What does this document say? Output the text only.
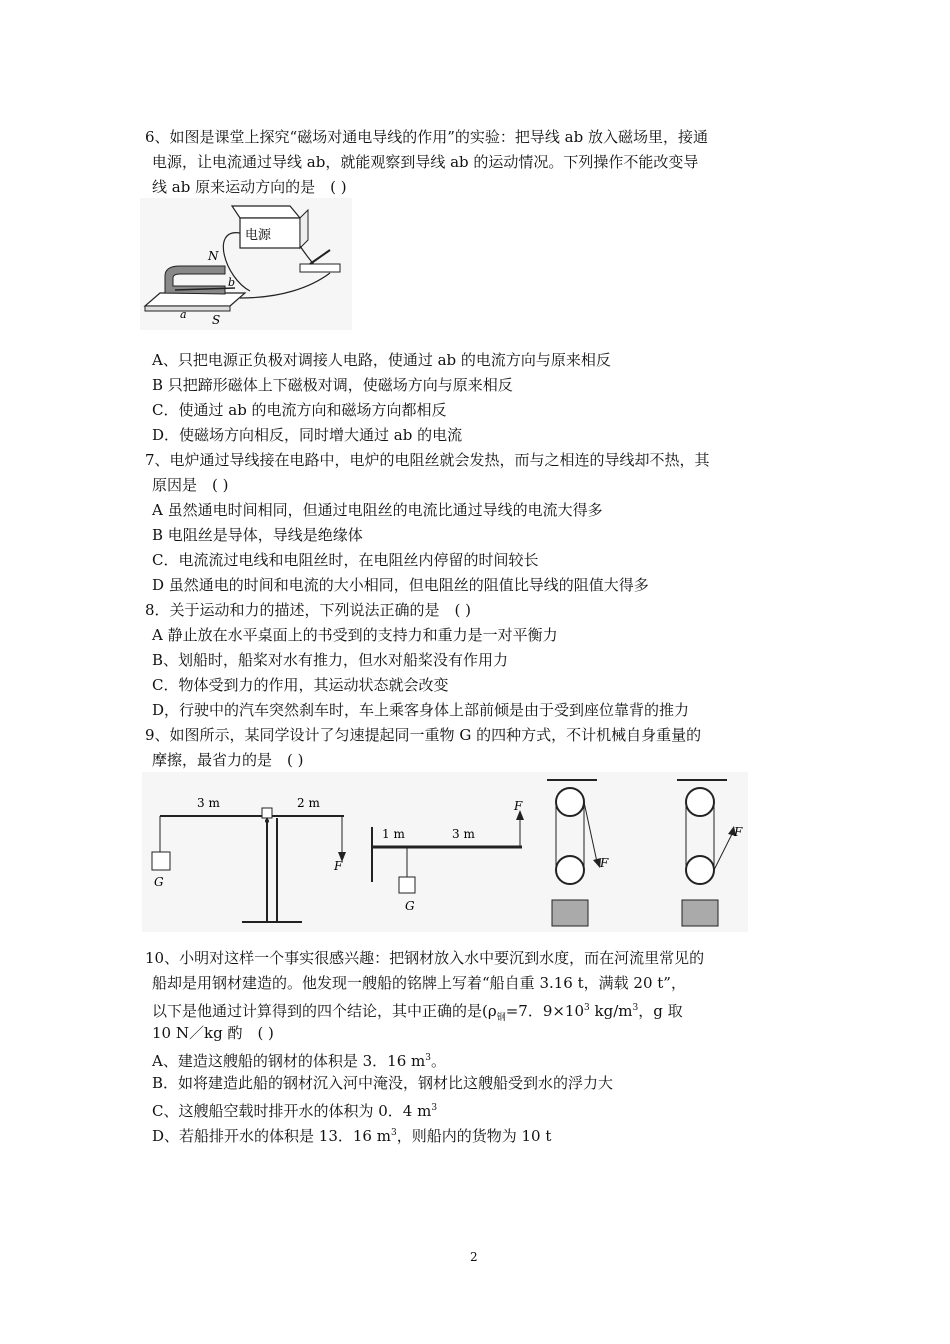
6、如图是课堂上探究“磁场对通电导线的作用”的实验：把导线 ab 放入磁场里，接通
电源，让电流通过导线 ab，就能观察到导线 ab 的运动情况。下列操作不能改变导
线 ab 原来运动方向的是　( )
电源
N
b
a S
A、只把电源正负极对调接人电路，使通过 ab 的电流方向与原来相反
B 只把蹄形磁体上下磁极对调，使磁场方向与原来相反
C．使通过 ab 的电流方向和磁场方向都相反
D．使磁场方向相反，同时增大通过 ab 的电流
7、电炉通过导线接在电路中，电炉的电阻丝就会发热，而与之相连的导线却不热，其
原因是　( )
A 虽然通电时间相同，但通过电阻丝的电流比通过导线的电流大得多
B 电阻丝是导体，导线是绝缘体
C．电流流过电线和电阻丝时，在电阻丝内停留的时间较长
D 虽然通电的时间和电流的大小相同，但电阻丝的阻值比导线的阻值大得多
8．关于运动和力的描述，下列说法正确的是　( )
A 静止放在水平桌面上的书受到的支持力和重力是一对平衡力
B、划船时，船桨对水有推力，但水对船桨没有作用力
C．物体受到力的作用，其运动状态就会改变
D，行驶中的汽车突然刹车时，车上乘客身体上部前倾是由于受到座位靠背的推力
9、如图所示，某同学设计了匀速提起同一重物 G 的四种方式，不计机械自身重量的
摩擦，最省力的是　( )
3 m	2 m
G
F
1 m	3 m
G
F
F
F
10、小明对这样一个事实很感兴趣：把钢材放入水中要沉到水度，而在河流里常见的
船却是用钢材建造的。他发现一艘船的铭牌上写着“船自重 3.16 t，满载 20 t”，
以下是他通过计算得到的四个结论，其中正确的是($\rho_钢=7$．$9\times 10^3$ $kg/m^3$，g 取
10 N／kg 酌　( )
A、建造这艘船的钢材的体积是 3．16 $m^3$。
B．如将建造此船的钢材沉入河中淹没，钢材比这艘船受到水的浮力大
C、这艘船空载时排开水的体积为 0．4 $m^3$
D、若船排开水的体积是 13．16 $m^3$，则船内的货物为 10 t
2
